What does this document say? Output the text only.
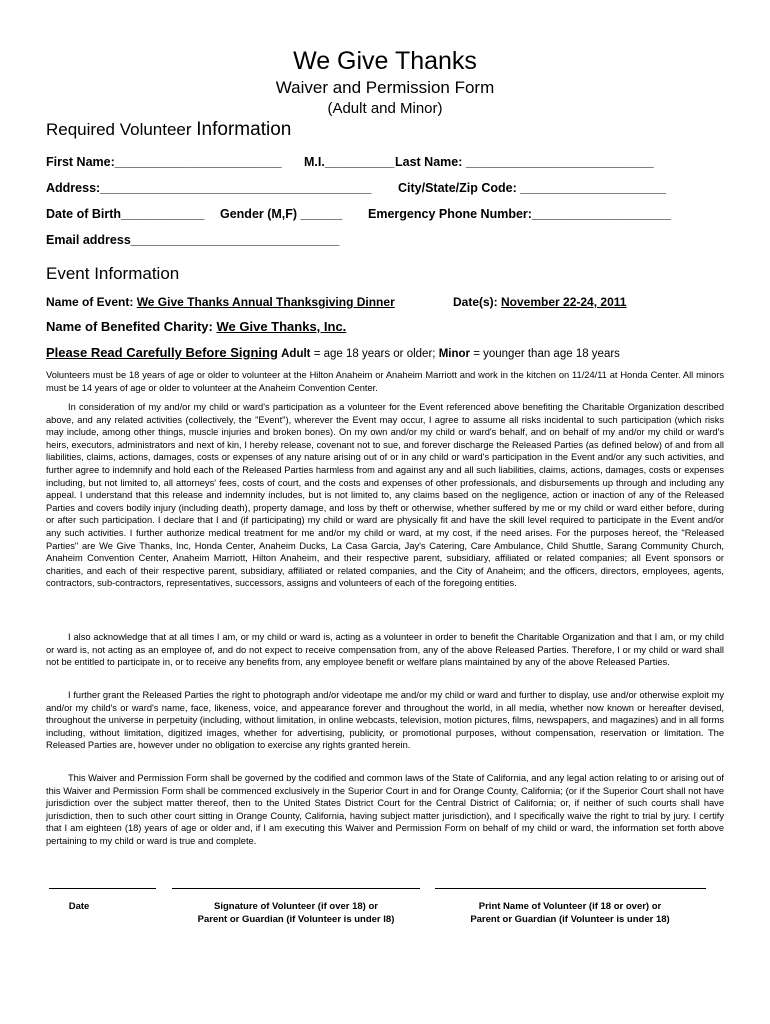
We Give Thanks
Waiver and Permission Form
(Adult and Minor)
Required Volunteer Information
First Name:________________________ M.I.__________ Last Name: ___________________________
Address:_______________________________________ City/State/Zip Code: _____________________
Date of Birth____________ Gender (M,F) ______ Emergency Phone Number:____________________
Email address______________________________
Event Information
Name of Event: We Give Thanks Annual Thanksgiving Dinner	Date(s): November 22-24, 2011
Name of Benefited Charity: We Give Thanks, Inc.
Please Read Carefully Before Signing Adult = age 18 years or older; Minor = younger than age 18 years
Volunteers must be 18 years of age or older to volunteer at the Hilton Anaheim or Anaheim Marriott and work in the kitchen on 11/24/11 at Honda Center. All minors must be 14 years of age or older to volunteer at the Anaheim Convention Center.
In consideration of my and/or my child or ward's participation as a volunteer for the Event referenced above benefiting the Charitable Organization described above, and any related activities (collectively, the "Event"), wherever the Event may occur, I agree to assume all risks incidental to such participation (which risks may include, among other things, muscle injuries and broken bones). On my own and/or my child or ward's behalf, and on behalf of my and/or my child or ward's heirs, executors, administrators and next of kin, I hereby release, covenant not to sue, and forever discharge the Released Parties (as defined below) of and from all liabilities, claims, actions, damages, costs or expenses of any nature arising out of or in any child or ward's participation in the Event and/or any such activities, and further agree to indemnify and hold each of the Released Parties harmless from and against any and all such liabilities, claims, actions, damages, costs or expenses including, but not limited to, all attorneys' fees, costs of court, and the costs and expenses of other professionals, and disbursements up through and including any appeal. I understand that this release and indemnity includes, but is not limited to, any claims based on the negligence, action or inaction of any of the Released Parties and covers bodily injury (including death), property damage, and loss by theft or otherwise, whether suffered by me or my child or ward either before, during or after such participation. I declare that I and (if participating) my child or ward are physically fit and have the skill level required to participate in the Event and/or any such activities. I further authorize medical treatment for me and/or my child or ward, at my cost, if the need arises. For the purposes hereof, the "Released Parties" are We Give Thanks, Inc, Honda Center, Anaheim Ducks, La Casa Garcia, Jay's Catering, Care Ambulance, Child Shuttle, Sarang Community Church, Anaheim Convention Center, Anaheim Marriott, Hilton Anaheim, and their respective parent, subsidiary, affiliated or related companies; all Event sponsors or charities, and each of their respective parent, subsidiary, affiliated or related companies, and the City of Anaheim; and the officers, directors, employees, agents, contractors, sub-contractors, representatives, successors, assigns and volunteers of each of the foregoing entities.
I also acknowledge that at all times I am, or my child or ward is, acting as a volunteer in order to benefit the Charitable Organization and that I am, or my child or ward is, not acting as an employee of, and do not expect to receive compensation from, any of the above Released Parties. Therefore, I or my child or ward shall not be entitled to participate in, or to receive any benefits from, any employee benefit or welfare plans maintained by any of the above Released Parties.
I further grant the Released Parties the right to photograph and/or videotape me and/or my child or ward and further to display, use and/or otherwise exploit my and/or my child's or ward's name, face, likeness, voice, and appearance forever and throughout the world, in all media, whether now known or hereafter devised, throughout the universe in perpetuity (including, without limitation, in online webcasts, television, motion pictures, films, newspapers, and magazines) and in all forms including, without limitation, digitized images, whether for advertising, publicity, or promotional purposes, without compensation, reservation or limitation. The Released Parties are, however under no obligation to exercise any rights granted herein.
This Waiver and Permission Form shall be governed by the codified and common laws of the State of California, and any legal action relating to or arising out of this Waiver and Permission Form shall be commenced exclusively in the Superior Court in and for Orange County, California; (or if the Superior Court shall not have jurisdiction over the subject matter thereof, then to the United States District Court for the Central District of California; or, if neither of such courts shall have jurisdiction, then to such other court sitting in Orange County, California, having subject matter jurisdiction), and I specifically waive the right to trial by jury. I certify that I am eighteen (18) years of age or older and, if I am executing this Waiver and Permission Form on behalf of my child or ward, the information set forth above pertaining to my child or ward is true and complete.
Date	Signature of Volunteer (if over 18) or
Parent or Guardian (if Volunteer is under I8)
Print Name of Volunteer (if 18 or over) or
Parent or Guardian (if Volunteer is under 18)
